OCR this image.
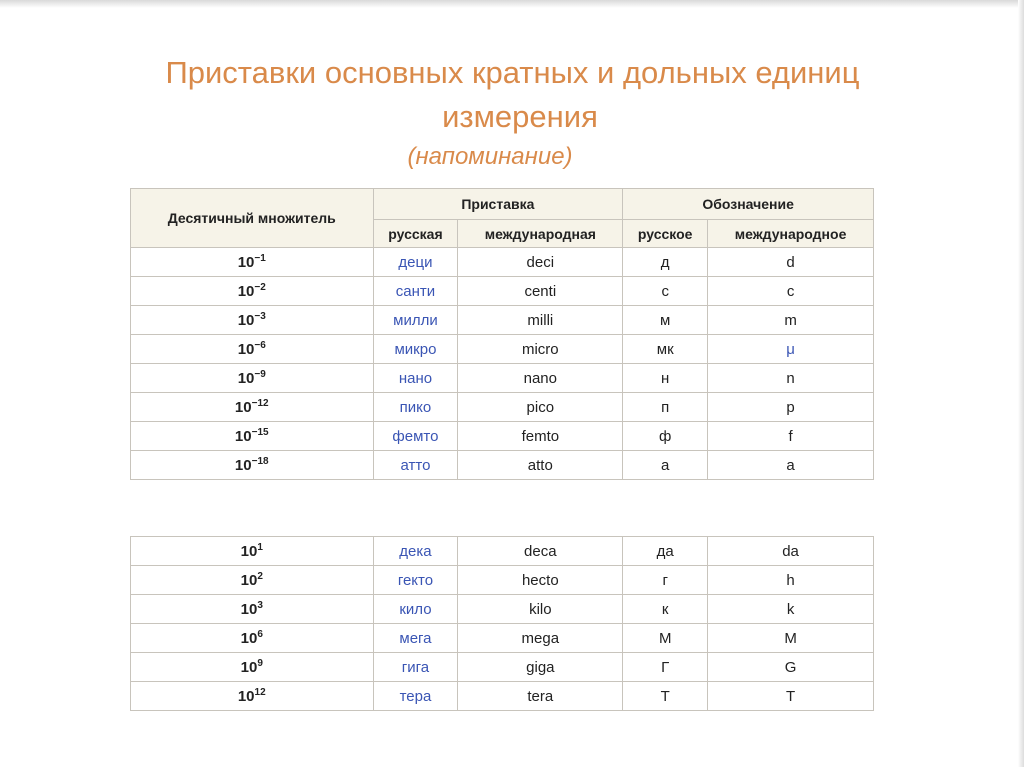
Приставки основных кратных и дольных единиц
измерения
(напоминание)
Десятичный множитель	Приставка		Обозначение	
	русская	международная	русское	международное
$10^{-1}$	деци	deci	д	d
$10^{-2}$	санти	centi	с	c
$10^{-3}$	милли	milli	м	m
$10^{-6}$	микро	micro	мк	μ
$10^{-9}$	нано	nano	н	n
$10^{-12}$	пико	pico	п	p
$10^{-15}$	фемто	femto	ф	f
$10^{-18}$	атто	atto	а	a

$10^1$	дека	deca	да	da
$10^2$	гекто	hecto	г	h
$10^3$	кило	kilo	к	k
$10^6$	мега	mega	М	M
$10^9$	гига	giga	Г	G
$10^{12}$	тера	tera	Т	T
